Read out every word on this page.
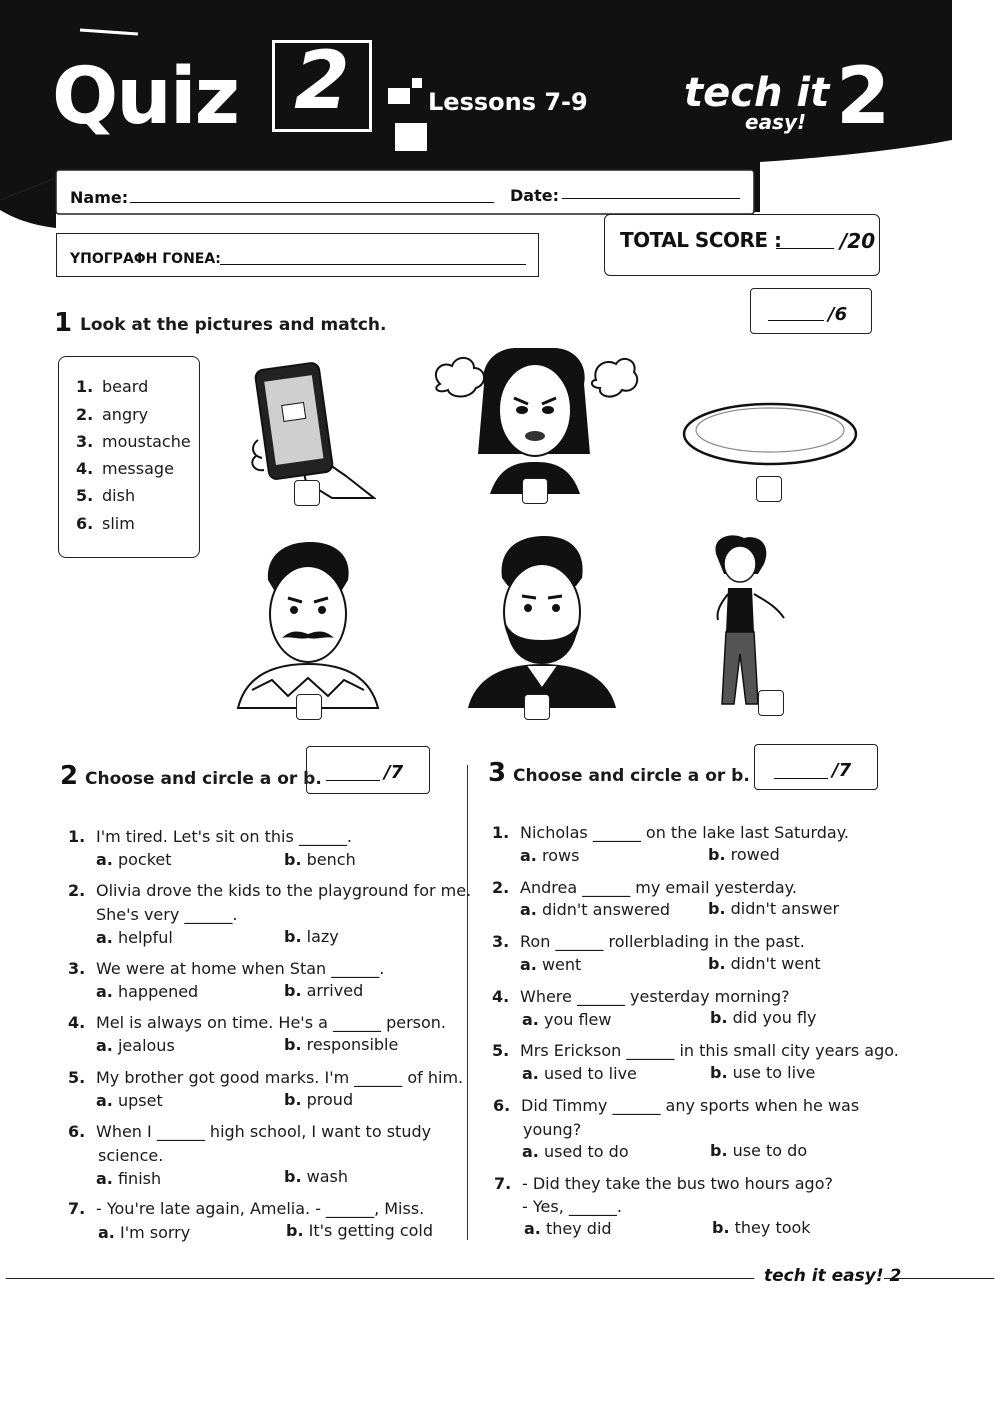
Quiz 2	Lessons 7-9 tech it
easy! 2
Name:	Date:
ΥΠΟΓΡΑΦΗ ΓΟΝΕΑ:
TOTAL SCORE :	/20
1 Look at the pictures and match.	/6
1. beard
2. angry
3. moustache
4. message
5. dish
6. slim
2 Choose and circle a or b.	/7
1. I'm tired. Let's sit on this ______.
a. pocket	b. bench
2. Olivia drove the kids to the playground for me.
She's very ______.
a. helpful	b. lazy
3. We were at home when Stan ______.
a. happened	b. arrived
4. Mel is always on time. He's a ______ person.
a. jealous	b. responsible
5. My brother got good marks. I'm ______ of him.
a. upset	b. proud
6. When I ______ high school, I want to study
science.
a. finish	b. wash
7. - You're late again, Amelia. - ______, Miss.
a. I'm sorry	b. It's getting cold
3 Choose and circle a or b.	/7
1. Nicholas ______ on the lake last Saturday.
a. rows	b. rowed
2. Andrea ______ my email yesterday.
a. didn't answered b. didn't answer
3. Ron ______ rollerblading in the past.
a. went	b. didn't went
4. Where ______ yesterday morning?
a. you flew	b. did you fly
5. Mrs Erickson ______ in this small city years ago.
a. used to live	b. use to live
6. Did Timmy ______ any sports when he was
young?
a. used to do	b. use to do
7. - Did they take the bus two hours ago?
- Yes, ______.
a. they did	b. they took
tech it easy! 2
